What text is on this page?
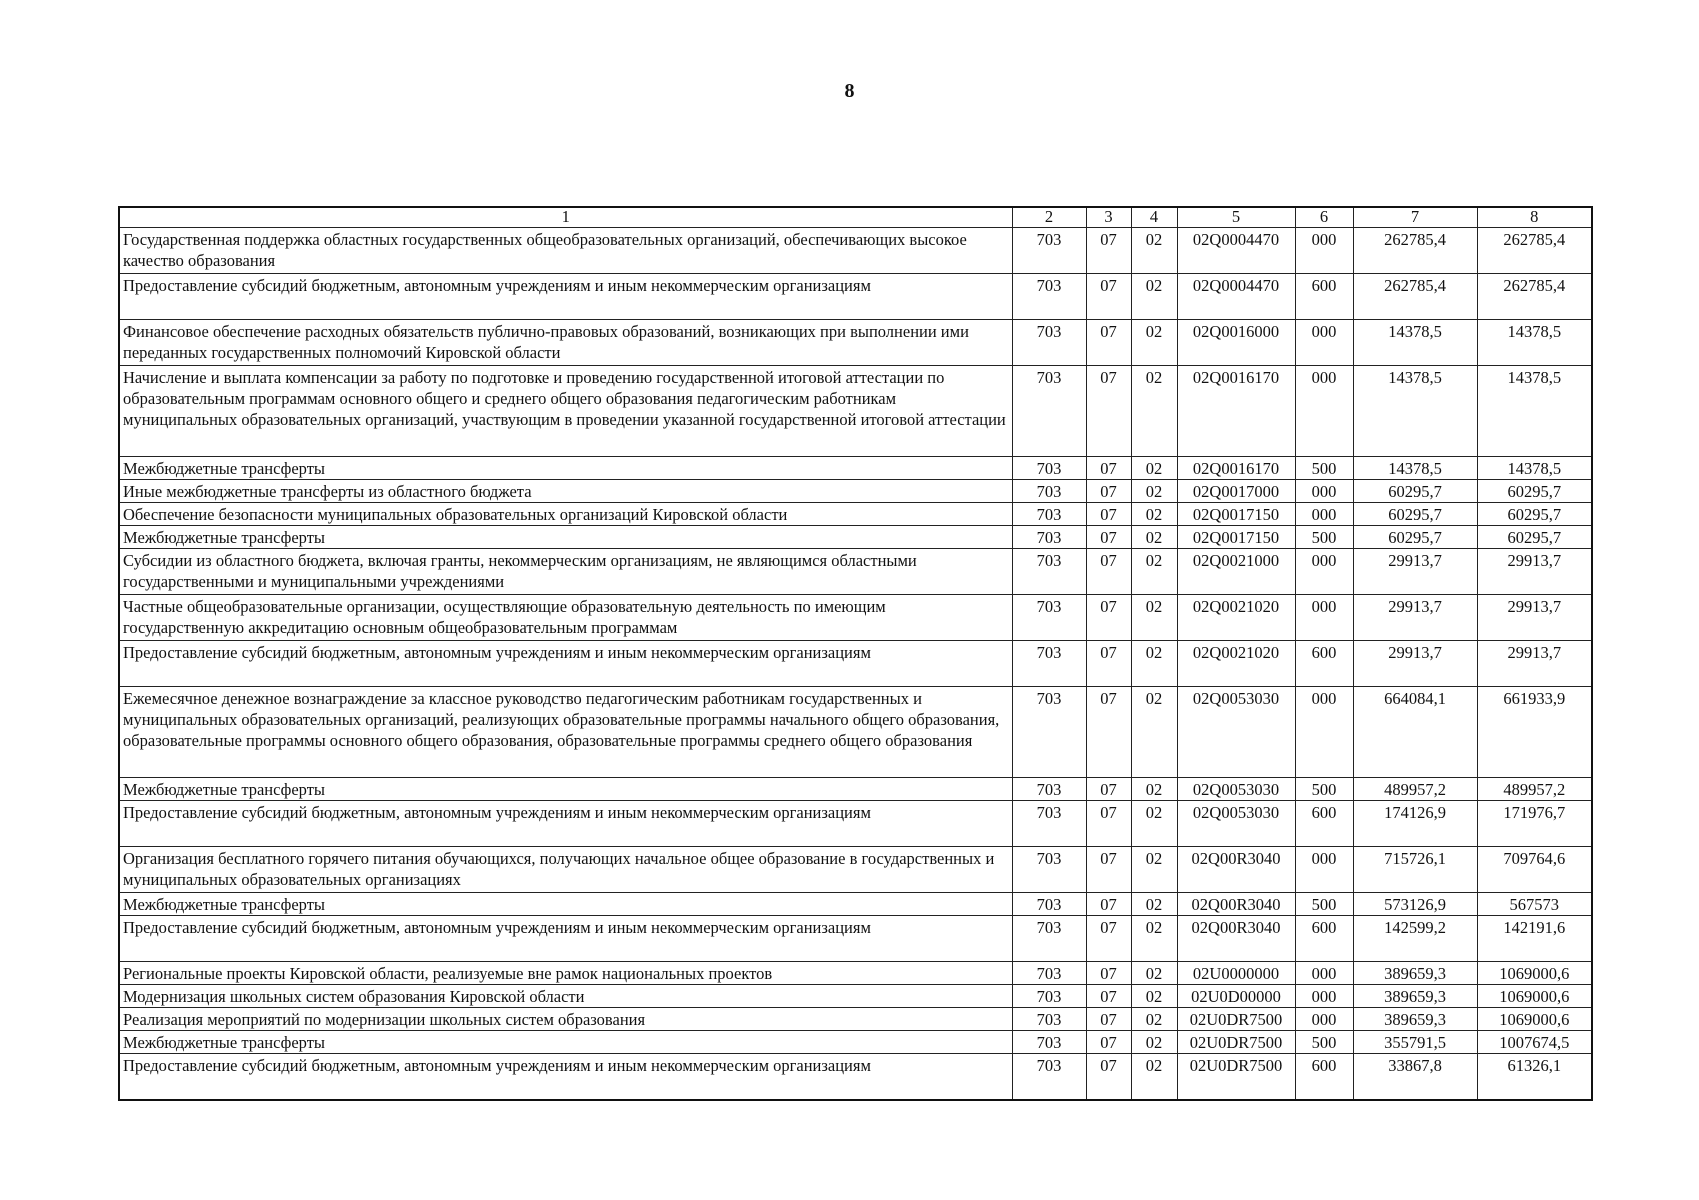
8
1	2	3	4	5	6	7	8
Государственная поддержка областных государственных общеобразовательных организаций, обеспечивающих высокое качество образования	703	07	02	02Q0004470	000	262785,4	262785,4
Предоставление субсидий бюджетным, автономным учреждениям и иным некоммерческим организациям	703	07	02	02Q0004470	600	262785,4	262785,4
Финансовое обеспечение расходных обязательств публично-правовых образований, возникающих при выполнении ими переданных государственных полномочий Кировской области	703	07	02	02Q0016000	000	14378,5	14378,5
Начисление и выплата компенсации за работу по подготовке и проведению государственной итоговой аттестации по образовательным программам основного общего и среднего общего образования педагогическим работникам муниципальных образовательных организаций, участвующим в проведении указанной государственной итоговой аттестации	703	07	02	02Q0016170	000	14378,5	14378,5
Межбюджетные трансферты	703	07	02	02Q0016170	500	14378,5	14378,5
Иные межбюджетные трансферты из областного бюджета	703	07	02	02Q0017000	000	60295,7	60295,7
Обеспечение безопасности муниципальных образовательных организаций Кировской области	703	07	02	02Q0017150	000	60295,7	60295,7
Межбюджетные трансферты	703	07	02	02Q0017150	500	60295,7	60295,7
Субсидии из областного бюджета, включая гранты, некоммерческим организациям, не являющимся областными государственными и муниципальными учреждениями	703	07	02	02Q0021000	000	29913,7	29913,7
Частные общеобразовательные организации, осуществляющие образовательную деятельность по имеющим государственную аккредитацию основным общеобразовательным программам	703	07	02	02Q0021020	000	29913,7	29913,7
Предоставление субсидий бюджетным, автономным учреждениям и иным некоммерческим организациям	703	07	02	02Q0021020	600	29913,7	29913,7
Ежемесячное денежное вознаграждение за классное руководство педагогическим работникам государственных и муниципальных образовательных организаций, реализующих образовательные программы начального общего образования, образовательные программы основного общего образования, образовательные программы среднего общего образования	703	07	02	02Q0053030	000	664084,1	661933,9
Межбюджетные трансферты	703	07	02	02Q0053030	500	489957,2	489957,2
Предоставление субсидий бюджетным, автономным учреждениям и иным некоммерческим организациям	703	07	02	02Q0053030	600	174126,9	171976,7
Организация бесплатного горячего питания обучающихся, получающих начальное общее образование в государственных и муниципальных образовательных организациях	703	07	02	02Q00R3040	000	715726,1	709764,6
Межбюджетные трансферты	703	07	02	02Q00R3040	500	573126,9	567573
Предоставление субсидий бюджетным, автономным учреждениям и иным некоммерческим организациям	703	07	02	02Q00R3040	600	142599,2	142191,6
Региональные проекты Кировской области, реализуемые вне рамок национальных проектов	703	07	02	02U0000000	000	389659,3	1069000,6
Модернизация школьных систем образования Кировской области	703	07	02	02U0D00000	000	389659,3	1069000,6
Реализация мероприятий по модернизации школьных систем образования	703	07	02	02U0DR7500	000	389659,3	1069000,6
Межбюджетные трансферты	703	07	02	02U0DR7500	500	355791,5	1007674,5
Предоставление субсидий бюджетным, автономным учреждениям и иным некоммерческим организациям	703	07	02	02U0DR7500	600	33867,8	61326,1
